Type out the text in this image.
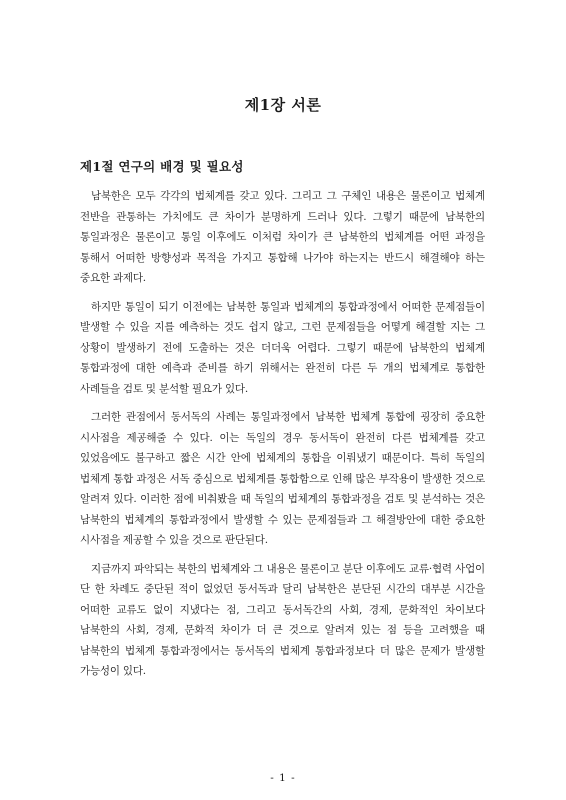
제1장 서론
제1절 연구의 배경 및 필요성

남북한은 모두 각각의 법체계를 갖고 있다. 그리고 그 구체인 내용은 물론이고 법체계 전반을 관통하는 가치에도 큰 차이가 분명하게 드러나 있다. 그렇기 때문에 남북한의 통일과정은 물론이고 통일 이후에도 이처럼 차이가 큰 남북한의 법체계를 어떤 과정을 통해서 어떠한 방향성과 목적을 가지고 통합해 나가야 하는지는 반드시 해결해야 하는 중요한 과제다.

하지만 통일이 되기 이전에는 남북한 통일과 법체계의 통합과정에서 어떠한 문제점들이 발생할 수 있을 지를 예측하는 것도 쉽지 않고, 그런 문제점들을 어떻게 해결할 지는 그 상황이 발생하기 전에 도출하는 것은 더더욱 어렵다. 그렇기 때문에 남북한의 법체계 통합과정에 대한 예측과 준비를 하기 위해서는 완전히 다른 두 개의 법체계로 통합한 사례들을 검토 및 분석할 필요가 있다.

그러한 관점에서 동서독의 사례는 통일과정에서 남북한 법체계 통합에 굉장히 중요한 시사점을 제공해줄 수 있다. 이는 독일의 경우 동서독이 완전히 다른 법체계를 갖고 있었음에도 불구하고 짧은 시간 안에 법체계의 통합을 이뤄냈기 때문이다. 특히 독일의 법체계 통합 과정은 서독 중심으로 법체계를 통합함으로 인해 많은 부작용이 발생한 것으로 알려져 있다. 이러한 점에 비춰봤을 때 독일의 법체계의 통합과정을 검토 및 분석하는 것은 남북한의 법체계의 통합과정에서 발생할 수 있는 문제점들과 그 해결방안에 대한 중요한 시사점을 제공할 수 있을 것으로 판단된다.

지금까지 파악되는 북한의 법체계와 그 내용은 물론이고 분단 이후에도 교류·협력 사업이 단 한 차례도 중단된 적이 없었던 동서독과 달리 남북한은 분단된 시간의 대부분 시간을 어떠한 교류도 없이 지냈다는 점, 그리고 동서독간의 사회, 경제, 문화적인 차이보다 남북한의 사회, 경제, 문화적 차이가 더 큰 것으로 알려져 있는 점 등을 고려했을 때 남북한의 법체계 통합과정에서는 동서독의 법체계 통합과정보다 더 많은 문제가 발생할 가능성이 있다.

- 1 -
